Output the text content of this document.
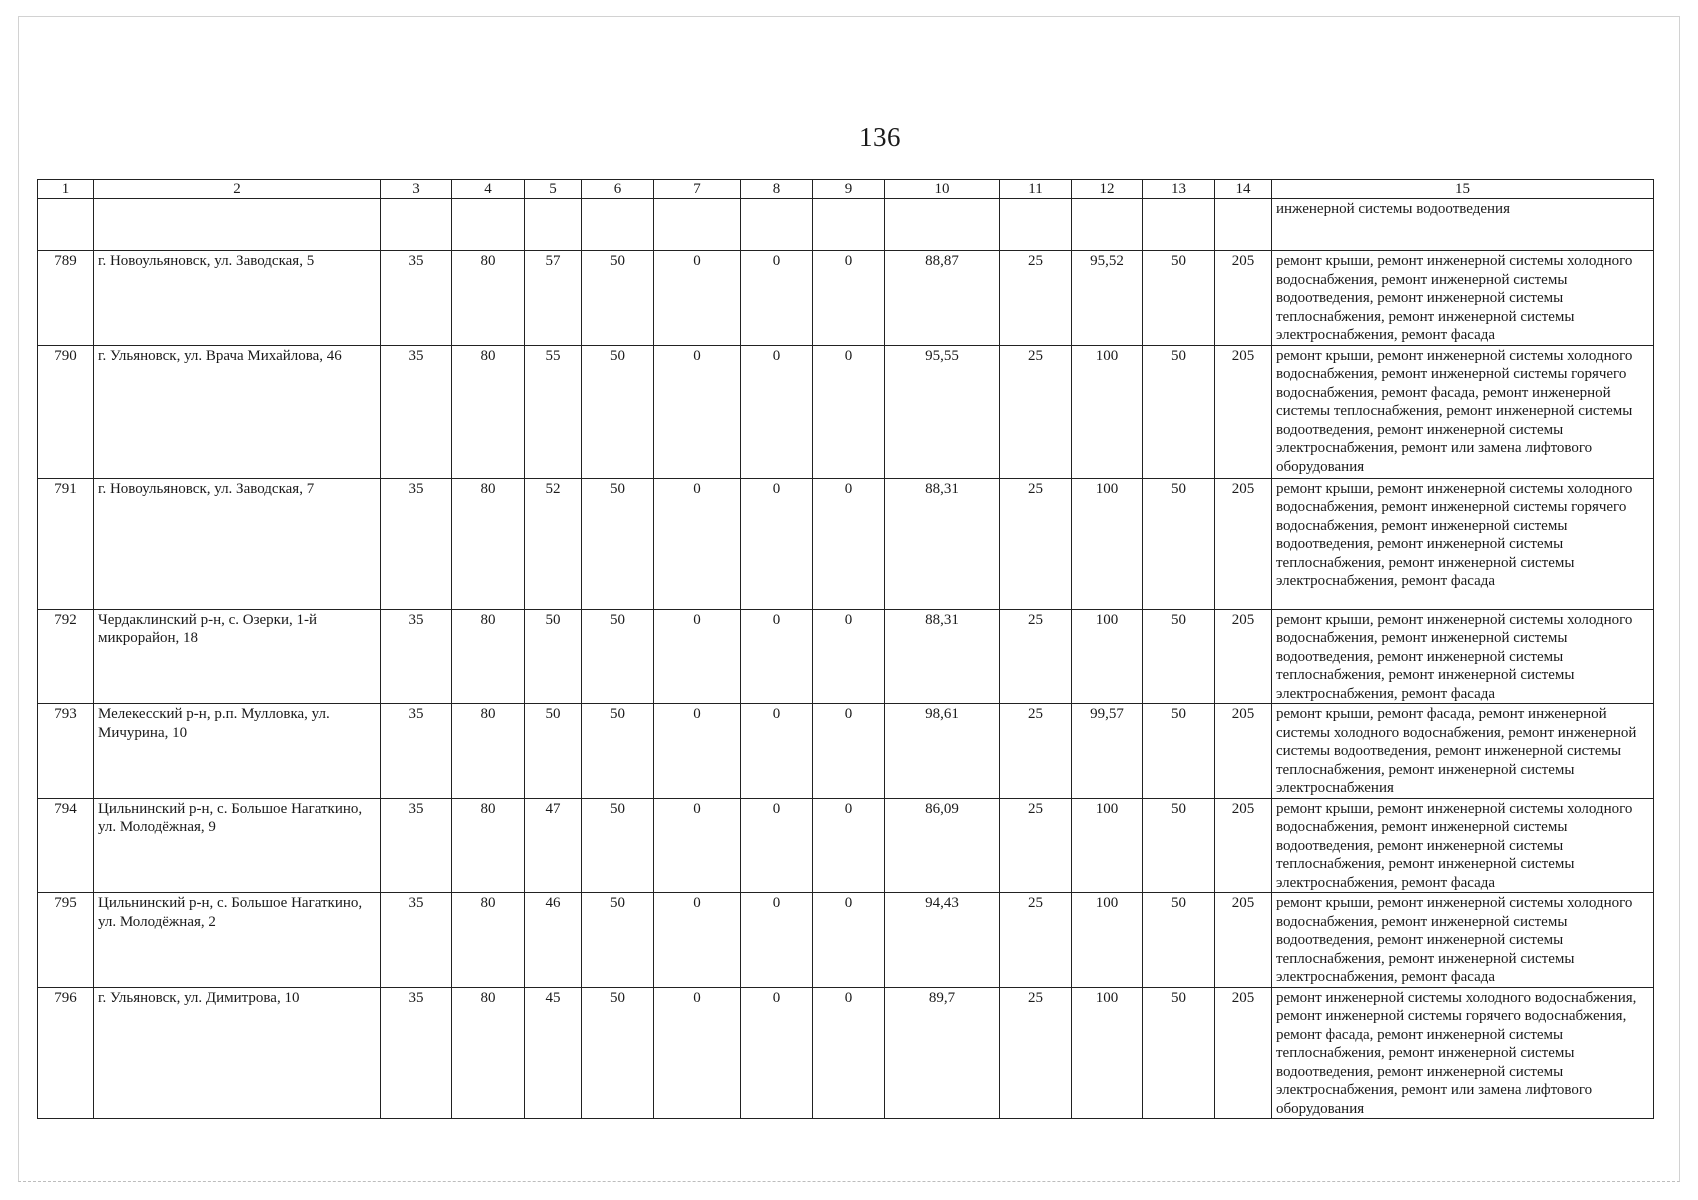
136
1	2	3	4	5	6	7	8	9	10	11	12	13	14	15
														инженерной системы водоотведения
789	г. Новоульяновск, ул. Заводская, 5	35	80	57	50	0	0	0	88,87	25	95,52	50	205	ремонт крыши, ремонт инженерной системы холодного водоснабжения, ремонт инженерной системы водоотведения, ремонт инженерной системы теплоснабжения, ремонт инженерной системы электроснабжения, ремонт фасада
790	г. Ульяновск, ул. Врача Михайлова, 46	35	80	55	50	0	0	0	95,55	25	100	50	205	ремонт крыши, ремонт инженерной системы холодного водоснабжения, ремонт инженерной системы горячего водоснабжения, ремонт фасада, ремонт инженерной системы теплоснабжения, ремонт инженерной системы водоотведения, ремонт инженерной системы электроснабжения, ремонт или замена лифтового оборудования
791	г. Новоульяновск, ул. Заводская, 7	35	80	52	50	0	0	0	88,31	25	100	50	205	ремонт крыши, ремонт инженерной системы холодного водоснабжения, ремонт инженерной системы горячего водоснабжения, ремонт инженерной системы водоотведения, ремонт инженерной системы теплоснабжения, ремонт инженерной системы электроснабжения, ремонт фасада
792	Чердаклинский р-н, с. Озерки, 1-й микрорайон, 18	35	80	50	50	0	0	0	88,31	25	100	50	205	ремонт крыши, ремонт инженерной системы холодного водоснабжения, ремонт инженерной системы водоотведения, ремонт инженерной системы теплоснабжения, ремонт инженерной системы электроснабжения, ремонт фасада
793	Мелекесский р-н, р.п. Мулловка, ул. Мичурина, 10	35	80	50	50	0	0	0	98,61	25	99,57	50	205	ремонт крыши, ремонт фасада, ремонт инженерной системы холодного водоснабжения, ремонт инженерной системы водоотведения, ремонт инженерной системы теплоснабжения, ремонт инженерной системы электроснабжения
794	Цильнинский р-н, с. Большое Нагаткино, ул. Молодёжная, 9	35	80	47	50	0	0	0	86,09	25	100	50	205	ремонт крыши, ремонт инженерной системы холодного водоснабжения, ремонт инженерной системы водоотведения, ремонт инженерной системы теплоснабжения, ремонт инженерной системы электроснабжения, ремонт фасада
795	Цильнинский р-н, с. Большое Нагаткино, ул. Молодёжная, 2	35	80	46	50	0	0	0	94,43	25	100	50	205	ремонт крыши, ремонт инженерной системы холодного водоснабжения, ремонт инженерной системы водоотведения, ремонт инженерной системы теплоснабжения, ремонт инженерной системы электроснабжения, ремонт фасада
796	г. Ульяновск, ул. Димитрова, 10	35	80	45	50	0	0	0	89,7	25	100	50	205	ремонт инженерной системы холодного водоснабжения, ремонт инженерной системы горячего водоснабжения, ремонт фасада, ремонт инженерной системы теплоснабжения, ремонт инженерной системы водоотведения, ремонт инженерной системы электроснабжения, ремонт или замена лифтового оборудования
